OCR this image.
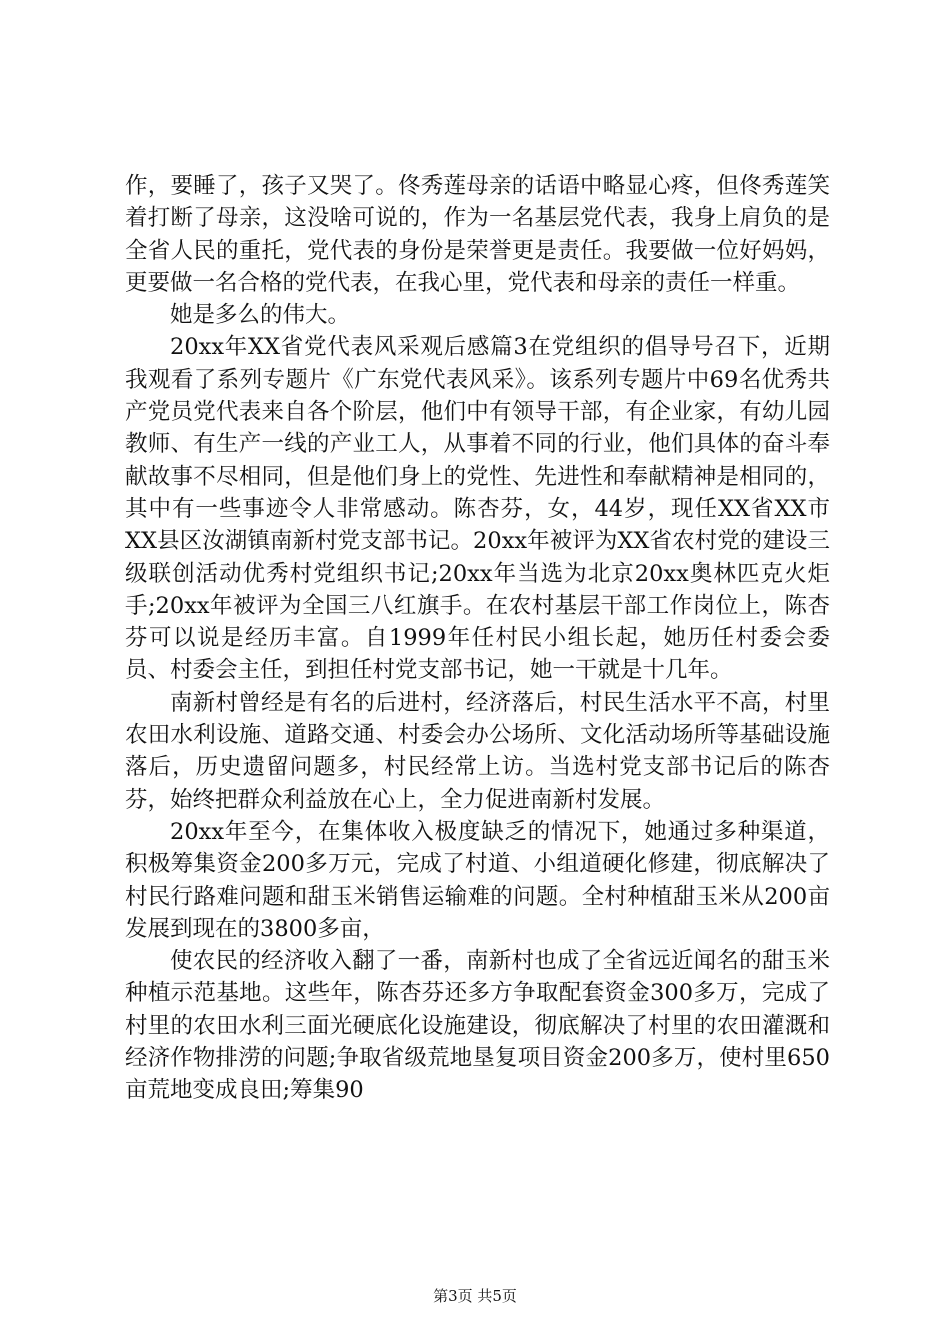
作，要睡了，孩子又哭了。佟秀莲母亲的话语中略显心疼，但佟秀莲笑着打断了母亲，这没啥可说的，作为一名基层党代表，我身上肩负的是全省人民的重托，党代表的身份是荣誉更是责任。我要做一位好妈妈，更要做一名合格的党代表，在我心里，党代表和母亲的责任一样重。

她是多么的伟大。

20xx年XX省党代表风采观后感篇3在党组织的倡导号召下，近期我观看了系列专题片《广东党代表风采》。该系列专题片中69名优秀共产党员党代表来自各个阶层，他们中有领导干部，有企业家，有幼儿园教师、有生产一线的产业工人，从事着不同的行业，他们具体的奋斗奉献故事不尽相同，但是他们身上的党性、先进性和奉献精神是相同的，其中有一些事迹令人非常感动。陈杏芬，女，44岁，现任XX省XX市XX县区汝湖镇南新村党支部书记。20xx年被评为XX省农村党的建设三级联创活动优秀村党组织书记;20xx年当选为北京20xx奥林匹克火炬手;20xx年被评为全国三八红旗手。在农村基层干部工作岗位上，陈杏芬可以说是经历丰富。自1999年任村民小组长起，她历任村委会委员、村委会主任，到担任村党支部书记，她一干就是十几年。

南新村曾经是有名的后进村，经济落后，村民生活水平不高，村里农田水利设施、道路交通、村委会办公场所、文化活动场所等基础设施落后，历史遗留问题多，村民经常上访。当选村党支部书记后的陈杏芬，始终把群众利益放在心上，全力促进南新村发展。

20xx年至今，在集体收入极度缺乏的情况下，她通过多种渠道，积极筹集资金200多万元，完成了村道、小组道硬化修建，彻底解决了村民行路难问题和甜玉米销售运输难的问题。全村种植甜玉米从200亩发展到现在的3800多亩，

使农民的经济收入翻了一番，南新村也成了全省远近闻名的甜玉米种植示范基地。这些年，陈杏芬还多方争取配套资金300多万，完成了村里的农田水利三面光硬底化设施建设，彻底解决了村里的农田灌溉和经济作物排涝的问题;争取省级荒地垦复项目资金200多万，使村里650亩荒地变成良田;筹集90

第3页 共5页
